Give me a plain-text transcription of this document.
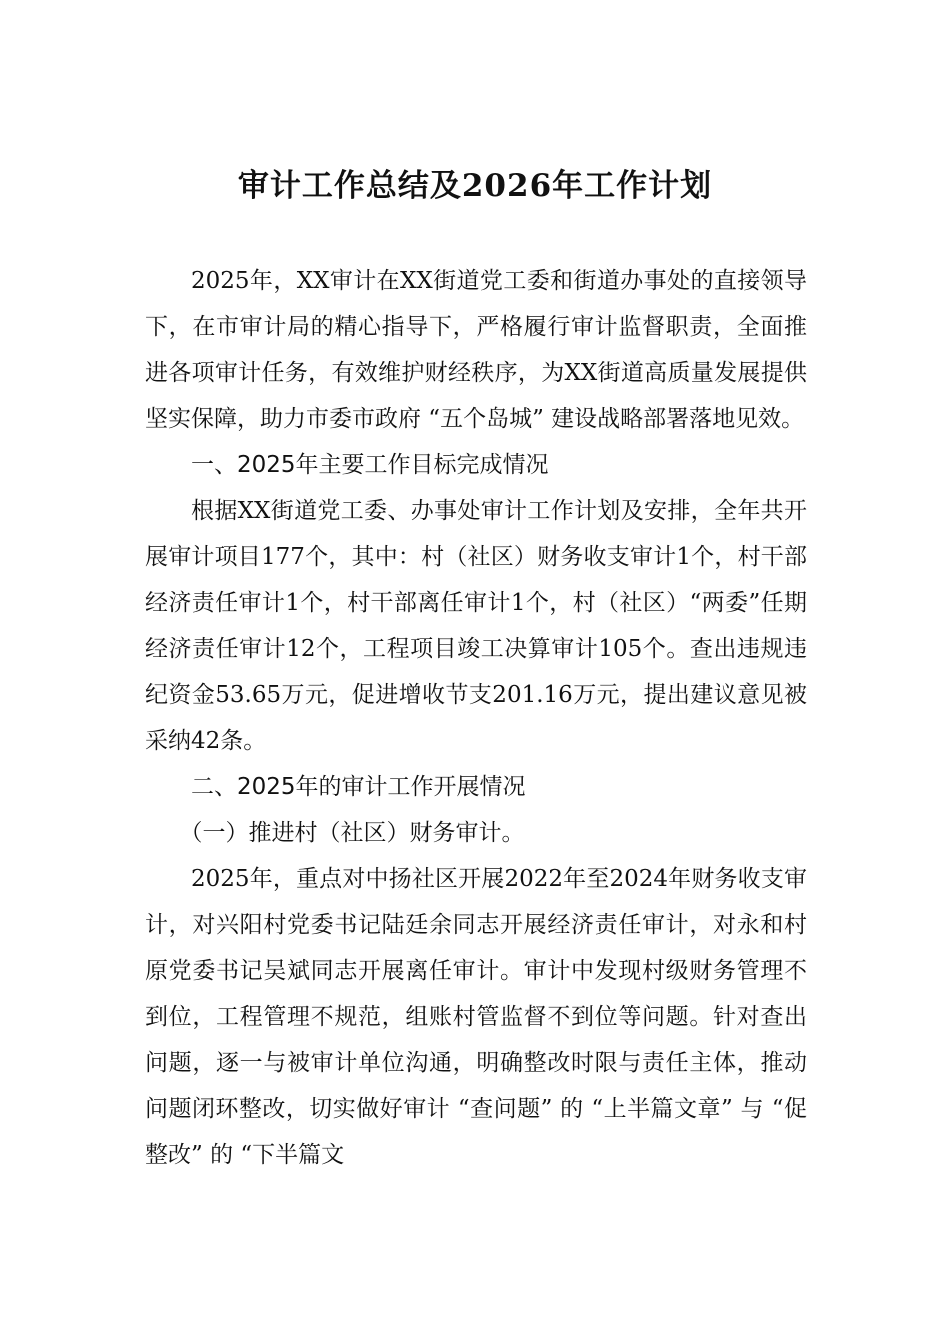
审计工作总结及2026年工作计划

2025年，XX审计在XX街道党工委和街道办事处的直接领导下，在市审计局的精心指导下，严格履行审计监督职责，全面推进各项审计任务，有效维护财经秩序，为XX街道高质量发展提供坚实保障，助力市委市政府 “五个岛城” 建设战略部署落地见效。

一、2025年主要工作目标完成情况

根据XX街道党工委、办事处审计工作计划及安排，全年共开展审计项目177个，其中：村（社区）财务收支审计1个，村干部经济责任审计1个，村干部离任审计1个，村（社区）“两委”任期经济责任审计12个，工程项目竣工决算审计105个。查出违规违纪资金53.65万元，促进增收节支201.16万元，提出建议意见被采纳42条。

二、2025年的审计工作开展情况

（一）推进村（社区）财务审计。

2025年，重点对中扬社区开展2022年至2024年财务收支审计，对兴阳村党委书记陆廷余同志开展经济责任审计，对永和村原党委书记吴斌同志开展离任审计。审计中发现村级财务管理不到位，工程管理不规范，组账村管监督不到位等问题。针对查出问题，逐一与被审计单位沟通，明确整改时限与责任主体，推动问题闭环整改，切实做好审计 “查问题” 的 “上半篇文章” 与 “促整改” 的 “下半篇文
